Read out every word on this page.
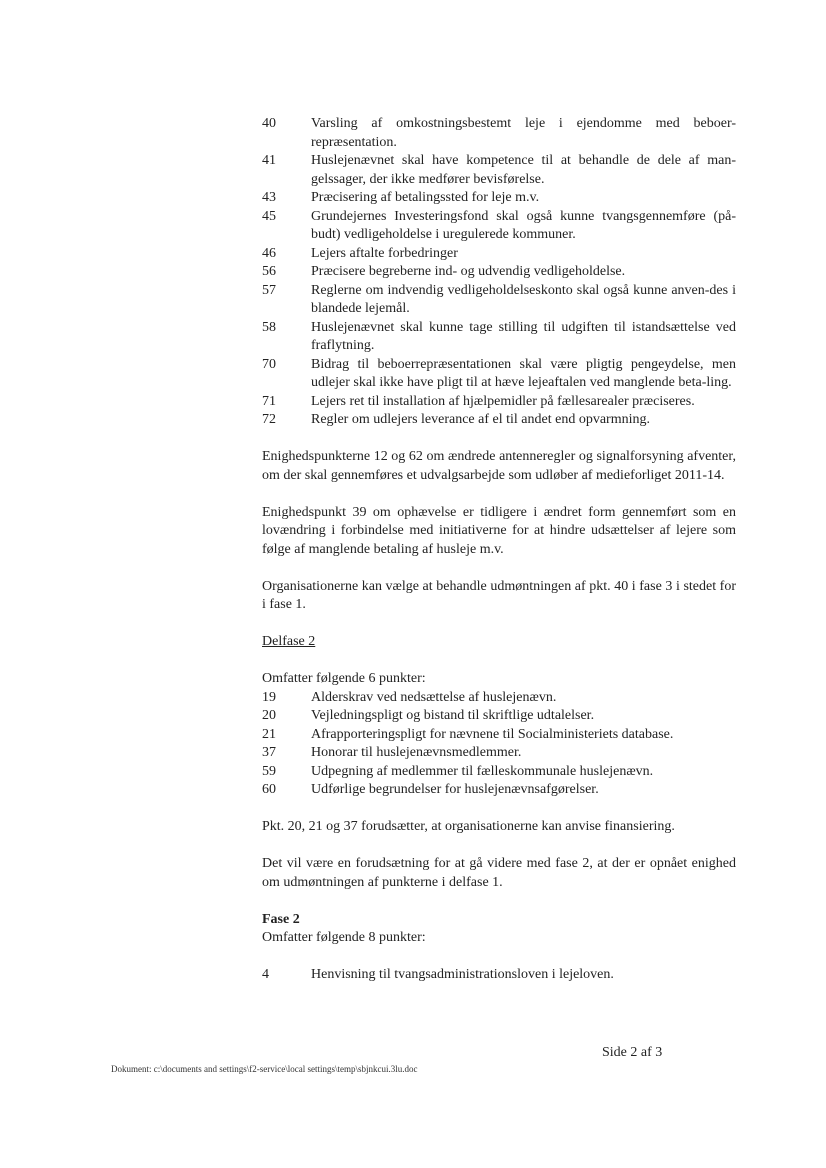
40	Varsling af omkostningsbestemt leje i ejendomme med beboer-repræsentation.
41	Huslejenævnet skal have kompetence til at behandle de dele af man-gelssager, der ikke medfører bevisførelse.
43	Præcisering af betalingssted for leje m.v.
45	Grundejernes Investeringsfond skal også kunne tvangsgennemføre (på-budt) vedligeholdelse i uregulerede kommuner.
46	Lejers aftalte forbedringer
56	Præcisere begreberne ind- og udvendig vedligeholdelse.
57	Reglerne om indvendig vedligeholdelseskonto skal også kunne anven-des i blandede lejemål.
58	Huslejenævnet skal kunne tage stilling til udgiften til istandsættelse ved fraflytning.
70	Bidrag til beboerrepræsentationen skal være pligtig pengeydelse, men udlejer skal ikke have pligt til at hæve lejeaftalen ved manglende beta-ling.
71	Lejers ret til installation af hjælpemidler på fællesarealer præciseres.
72	Regler om udlejers leverance af el til andet end opvarmning.
Enighedspunkterne 12 og 62 om ændrede antenneregler og signalforsyning afventer, om der skal gennemføres et udvalgsarbejde som udløber af medieforliget 2011-14.
Enighedspunkt 39 om ophævelse er tidligere i ændret form gennemført som en lovændring i forbindelse med initiativerne for at hindre udsættelser af lejere som følge af manglende betaling af husleje m.v.
Organisationerne kan vælge at behandle udmøntningen af pkt. 40 i fase 3 i stedet for i fase 1.
Delfase 2
Omfatter følgende 6 punkter:
19	Alderskrav ved nedsættelse af huslejenævn.
20	Vejledningspligt og bistand til skriftlige udtalelser.
21	Afrapporteringspligt for nævnene til Socialministeriets database.
37	Honorar til huslejenævnsmedlemmer.
59	Udpegning af medlemmer til fælleskommunale huslejenævn.
60	Udførlige begrundelser for huslejenævnsafgørelser.
Pkt. 20, 21 og 37 forudsætter, at organisationerne kan anvise finansiering.
Det vil være en forudsætning for at gå videre med fase 2, at der er opnået enighed om udmøntningen af punkterne i delfase 1.
Fase 2
Omfatter følgende 8 punkter:
4	Henvisning til tvangsadministrationsloven i lejeloven.
Side 2 af 3
Dokument: c:\documents and settings\f2-service\local settings\temp\sbjnkcui.3lu.doc
